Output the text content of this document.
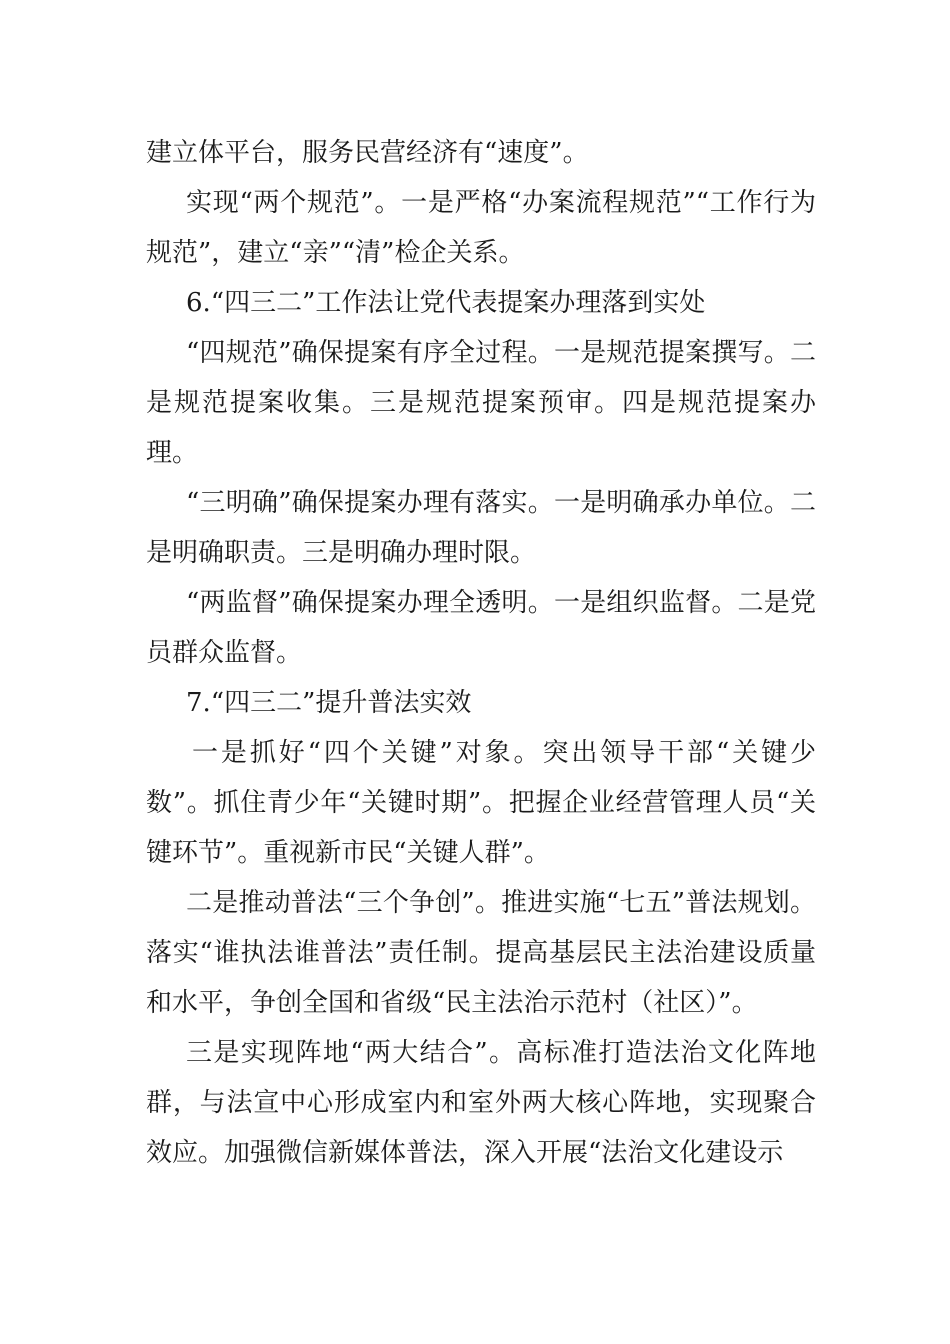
建立体平台，服务民营经济有“速度”。

实现“两个规范”。一是严格“办案流程规范”“工作行为规范”，建立“亲”“清”检企关系。

6.“四三二”工作法让党代表提案办理落到实处

“四规范”确保提案有序全过程。一是规范提案撰写。二是规范提案收集。三是规范提案预审。四是规范提案办理。

“三明确”确保提案办理有落实。一是明确承办单位。二是明确职责。三是明确办理时限。

“两监督”确保提案办理全透明。一是组织监督。二是党员群众监督。

7.“四三二”提升普法实效

一是抓好“四个关键”对象。突出领导干部“关键少数”。抓住青少年“关键时期”。把握企业经营管理人员“关键环节”。重视新市民“关键人群”。

二是推动普法“三个争创”。推进实施“七五”普法规划。落实“谁执法谁普法”责任制。提高基层民主法治建设质量和水平，争创全国和省级“民主法治示范村（社区）”。

三是实现阵地“两大结合”。高标准打造法治文化阵地群，与法宣中心形成室内和室外两大核心阵地，实现聚合效应。加强微信新媒体普法，深入开展“法治文化建设示
